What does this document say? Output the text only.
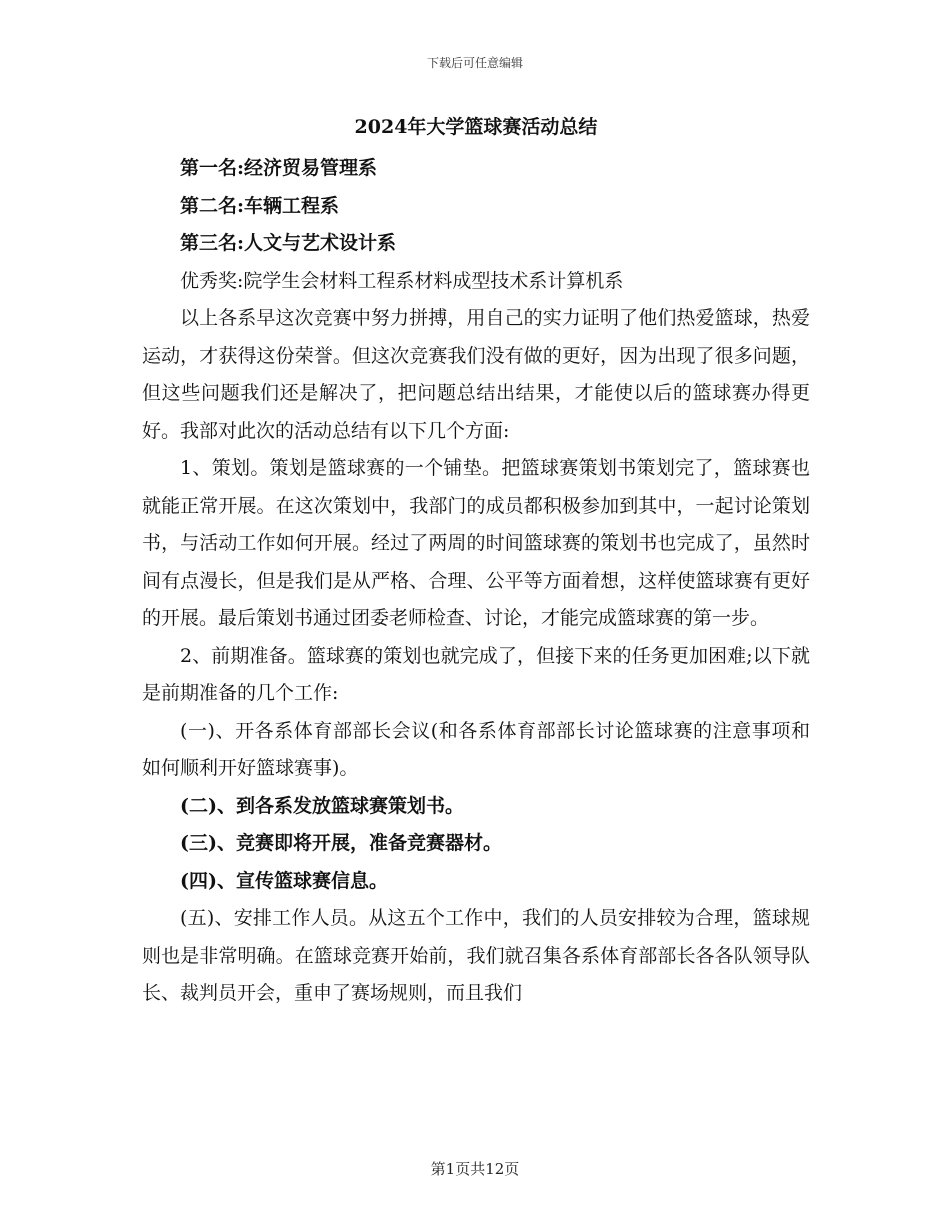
下载后可任意编辑

2024年大学篮球赛活动总结

第一名:经济贸易管理系

第二名:车辆工程系

第三名:人文与艺术设计系

优秀奖:院学生会材料工程系材料成型技术系计算机系

以上各系早这次竞赛中努力拼搏，用自己的实力证明了他们热爱篮球，热爱运动，才获得这份荣誉。但这次竞赛我们没有做的更好，因为出现了很多问题，但这些问题我们还是解决了，把问题总结出结果，才能使以后的篮球赛办得更好。我部对此次的活动总结有以下几个方面:

1、策划。策划是篮球赛的一个铺垫。把篮球赛策划书策划完了，篮球赛也就能正常开展。在这次策划中，我部门的成员都积极参加到其中，一起讨论策划书，与活动工作如何开展。经过了两周的时间篮球赛的策划书也完成了，虽然时间有点漫长，但是我们是从严格、合理、公平等方面着想，这样使篮球赛有更好的开展。最后策划书通过团委老师检查、讨论，才能完成篮球赛的第一步。

2、前期准备。篮球赛的策划也就完成了，但接下来的任务更加困难;以下就是前期准备的几个工作:

(一)、开各系体育部部长会议(和各系体育部部长讨论篮球赛的注意事项和如何顺利开好篮球赛事)。

(二)、到各系发放篮球赛策划书。

(三)、竞赛即将开展，准备竞赛器材。

(四)、宣传篮球赛信息。

(五)、安排工作人员。从这五个工作中，我们的人员安排较为合理，篮球规则也是非常明确。在篮球竞赛开始前，我们就召集各系体育部部长各各队领导队长、裁判员开会，重申了赛场规则，而且我们

第1页共12页
